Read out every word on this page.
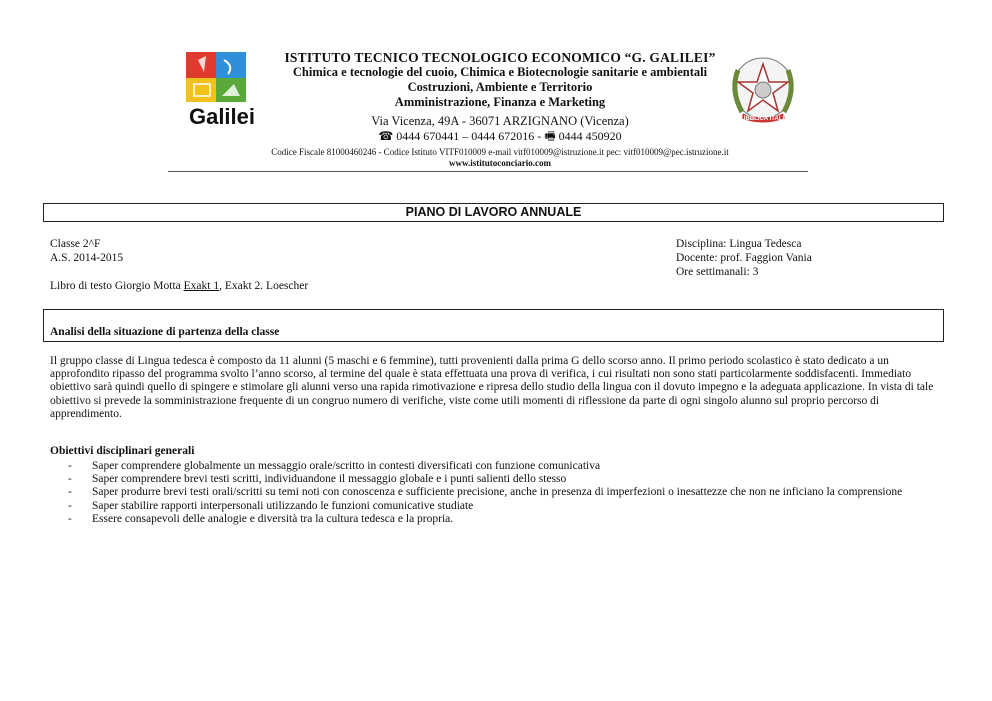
Galilei
ISTITUTO TECNICO TECNOLOGICO ECONOMICO “G. GALILEI”
Chimica e tecnologie del cuoio, Chimica e Biotecnologie sanitarie e ambientali
Costruzioni, Ambiente e Territorio
Amministrazione, Finanza e Marketing
Via Vicenza, 49A - 36071 ARZIGNANO (Vicenza)
☎ 0444 670441 – 0444 672016 - 🖷 0444 450920
Codice Fiscale 81000460246 - Codice Istituto VITF010009 e-mail vitf010009@istruzione.it pec: vitf010009@pec.istruzione.it
www.istitutoconciario.com
REPUBBLICA ITALIANA
PIANO DI LAVORO ANNUALE
Classe 2^F
A.S. 2014-2015
Disciplina: Lingua Tedesca
Docente: prof. Faggion Vania
Ore settimanali: 3
Libro di testo Giorgio Motta Exakt 1, Exakt 2. Loescher
Analisi della situazione di partenza della classe
Il gruppo classe di Lingua tedesca è composto da 11 alunni (5 maschi e 6 femmine), tutti provenienti dalla prima G dello scorso anno. Il primo periodo scolastico è stato dedicato a un approfondito ripasso del programma svolto l’anno scorso, al termine del quale è stata effettuata una prova di verifica, i cui risultati non sono stati particolarmente soddisfacenti. Immediato obiettivo sarà quindi quello di spingere e stimolare gli alunni verso una rapida rimotivazione e ripresa dello studio della lingua con il dovuto impegno e la adeguata applicazione. In vista di tale obiettivo si prevede la somministrazione frequente di un congruo numero di verifiche, viste come utili momenti di riflessione da parte di ogni singolo alunno sul proprio percorso di apprendimento.
Obiettivi disciplinari generali
- Saper comprendere globalmente un messaggio orale/scritto in contesti diversificati con funzione comunicativa
- Saper comprendere brevi testi scritti, individuandone il messaggio globale e i punti salienti dello stesso
- Saper produrre brevi testi orali/scritti su temi noti con conoscenza e sufficiente precisione, anche in presenza di imperfezioni o inesattezze che non ne inficiano la comprensione
- Saper stabilire rapporti interpersonali utilizzando le funzioni comunicative studiate
- Essere consapevoli delle analogie e diversità tra la cultura tedesca e la propria.
